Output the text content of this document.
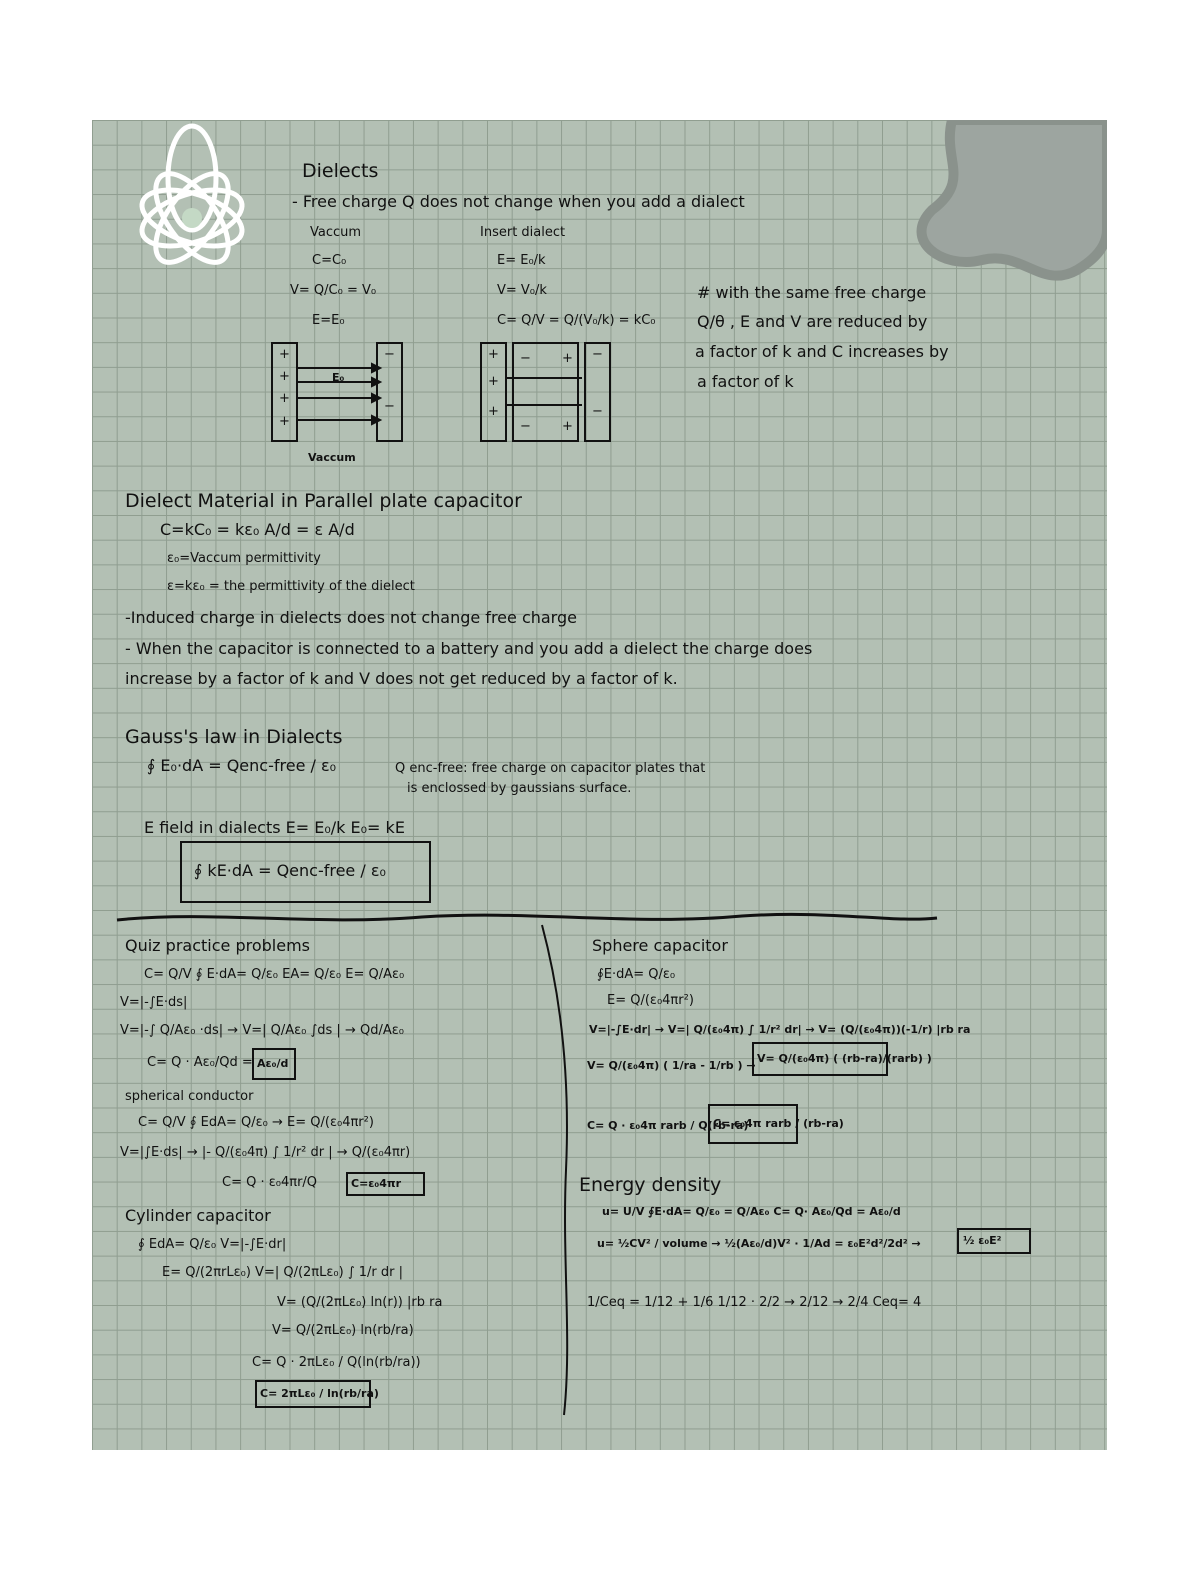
+
+
+
+
−
−
E₀
+
+
+
−
−
− +
− +
Dielects
- Free charge Q does not change when you add a dialect
Vaccum	Insert dialect
C=C₀
V= Q/C₀ = V₀
E=E₀
E= E₀/k
V= V₀/k
C= Q/V = Q/(V₀/k) = kC₀
Vaccum
# with the same free charge
Q/θ , E and V are reduced by
a factor of k and C increases by
a factor of k
Dielect Material in Parallel plate capacitor
C=kC₀ = kε₀ A/d = ε A/d
ε₀=Vaccum permittivity
ε=kε₀ = the permittivity of the dielect
-Induced charge in dielects does not change free charge
- When the capacitor is connected to a battery and you add a dielect the charge does
increase by a factor of k and V does not get reduced by a factor of k.
Gauss's law in Dialects
∮ E₀·dA = Qenc-free / ε₀	Q enc-free: free charge on capacitor plates that
is enclossed by gaussians surface.
E field in dialects E= E₀/k E₀= kE
∮ kE·dA = Qenc-free / ε₀
Quiz practice problems
C= Q/V ∮ E·dA= Q/ε₀ EA= Q/ε₀ E= Q/Aε₀
V=|-∫E·ds|
V=|-∫ Q/Aε₀ ·ds| → V=| Q/Aε₀ ∫ds | → Qd/Aε₀
C= Q · Aε₀/Qd = Aε₀/d
spherical conductor
C= Q/V ∮ EdA= Q/ε₀ → E= Q/(ε₀4πr²)
V=|∫E·ds| → |- Q/(ε₀4π) ∫ 1/r² dr | → Q/(ε₀4πr)
C= Q · ε₀4πr/Q	C=ε₀4πr
Cylinder capacitor
∮ EdA= Q/ε₀ V=|-∫E·dr|
E= Q/(2πrLε₀) V=| Q/(2πLε₀) ∫ 1/r dr |
V= (Q/(2πLε₀) ln(r)) |rb ra
V= Q/(2πLε₀) ln(rb/ra)
C= Q · 2πLε₀ / Q(ln(rb/ra))
C= 2πLε₀ / ln(rb/ra)
Sphere capacitor
∮E·dA= Q/ε₀
E= Q/(ε₀4πr²)
V=|-∫E·dr| → V=| Q/(ε₀4π) ∫ 1/r² dr| → V= (Q/(ε₀4π))(-1/r) |rb ra
V= Q/(ε₀4π) ( 1/ra - 1/rb ) →
V= Q/(ε₀4π) ( (rb-ra)/(rarb) )
C= Q · ε₀4π rarb / Q(rb-ra)
C= ε₀4π rarb / (rb-ra)
Energy density
u= U/V ∮E·dA= Q/ε₀ = Q/Aε₀ C= Q· Aε₀/Qd = Aε₀/d
u= ½CV² / volume → ½(Aε₀/d)V² · 1/Ad = ε₀E²d²/2d² →	½ ε₀E²
1/Ceq = 1/12 + 1/6 1/12 · 2/2 → 2/12 → 2/4 Ceq= 4
